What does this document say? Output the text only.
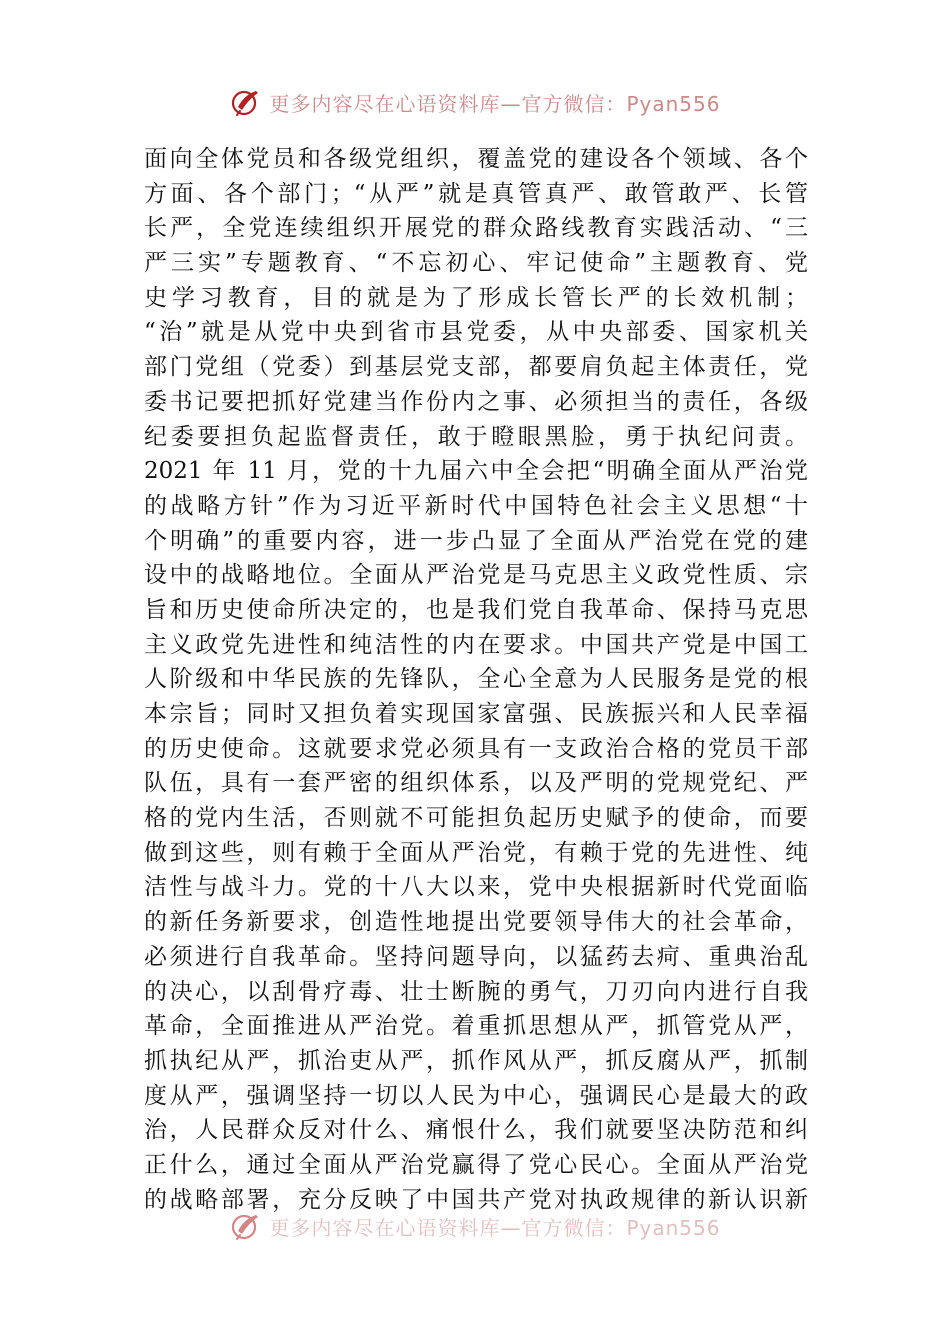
更多内容尽在心语资料库—官方微信：Pyan556
面向全体党员和各级党组织，覆盖党的建设各个领域、各个
方面、各个部门；“从严”就是真管真严、敢管敢严、长管
长严，全党连续组织开展党的群众路线教育实践活动、“三
严三实”专题教育、“不忘初心、牢记使命”主题教育、党
史学习教育，目的就是为了形成长管长严的长效机制；
“治”就是从党中央到省市县党委，从中央部委、国家机关
部门党组（党委）到基层党支部，都要肩负起主体责任，党
委书记要把抓好党建当作份内之事、必须担当的责任，各级
纪委要担负起监督责任，敢于瞪眼黑脸，勇于执纪问责。
2021 年 11 月，党的十九届六中全会把“明确全面从严治党
的战略方针”作为习近平新时代中国特色社会主义思想“十
个明确”的重要内容，进一步凸显了全面从严治党在党的建
设中的战略地位。全面从严治党是马克思主义政党性质、宗
旨和历史使命所决定的，也是我们党自我革命、保持马克思
主义政党先进性和纯洁性的内在要求。中国共产党是中国工
人阶级和中华民族的先锋队，全心全意为人民服务是党的根
本宗旨；同时又担负着实现国家富强、民族振兴和人民幸福
的历史使命。这就要求党必须具有一支政治合格的党员干部
队伍，具有一套严密的组织体系，以及严明的党规党纪、严
格的党内生活，否则就不可能担负起历史赋予的使命，而要
做到这些，则有赖于全面从严治党，有赖于党的先进性、纯
洁性与战斗力。党的十八大以来，党中央根据新时代党面临
的新任务新要求，创造性地提出党要领导伟大的社会革命，
必须进行自我革命。坚持问题导向，以猛药去疴、重典治乱
的决心，以刮骨疗毒、壮士断腕的勇气，刀刃向内进行自我
革命，全面推进从严治党。着重抓思想从严，抓管党从严，
抓执纪从严，抓治吏从严，抓作风从严，抓反腐从严，抓制
度从严，强调坚持一切以人民为中心，强调民心是最大的政
治，人民群众反对什么、痛恨什么，我们就要坚决防范和纠
正什么，通过全面从严治党赢得了党心民心。全面从严治党
的战略部署，充分反映了中国共产党对执政规律的新认识新
更多内容尽在心语资料库—官方微信：Pyan556
